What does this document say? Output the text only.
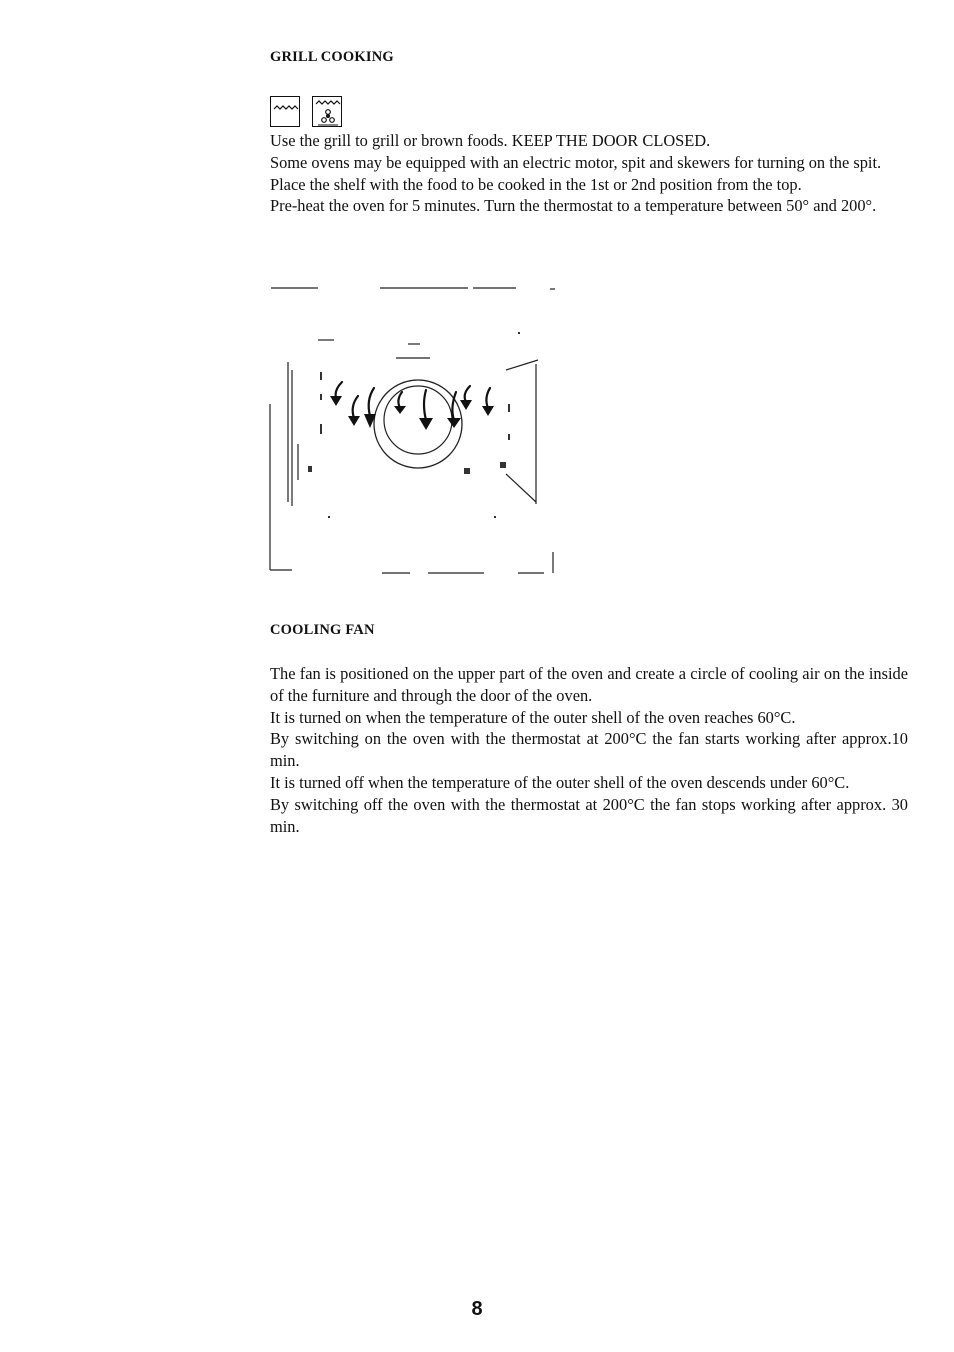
GRILL COOKING

Use the grill to grill or brown foods. KEEP THE DOOR CLOSED.

Some ovens may be equipped with an electric motor, spit and skewers for turning on the spit.

Place the shelf with the food to be cooked in the 1st or 2nd position from the top.

Pre-heat the oven for 5 minutes. Turn the thermostat to a temperature between 50° and 200°.

COOLING FAN

The fan is positioned on the upper part of the oven and create a circle of cooling air on the inside of the furniture and through the door of the oven.

It is turned on when the temperature of the outer shell of the oven reaches 60°C.

By switching on the oven with the thermostat at 200°C the fan starts working after approx.10 min.

It is turned off when the temperature of the outer shell of the oven descends under 60°C.

By switching off the oven with the thermostat at 200°C the fan stops working after approx. 30 min.

8
